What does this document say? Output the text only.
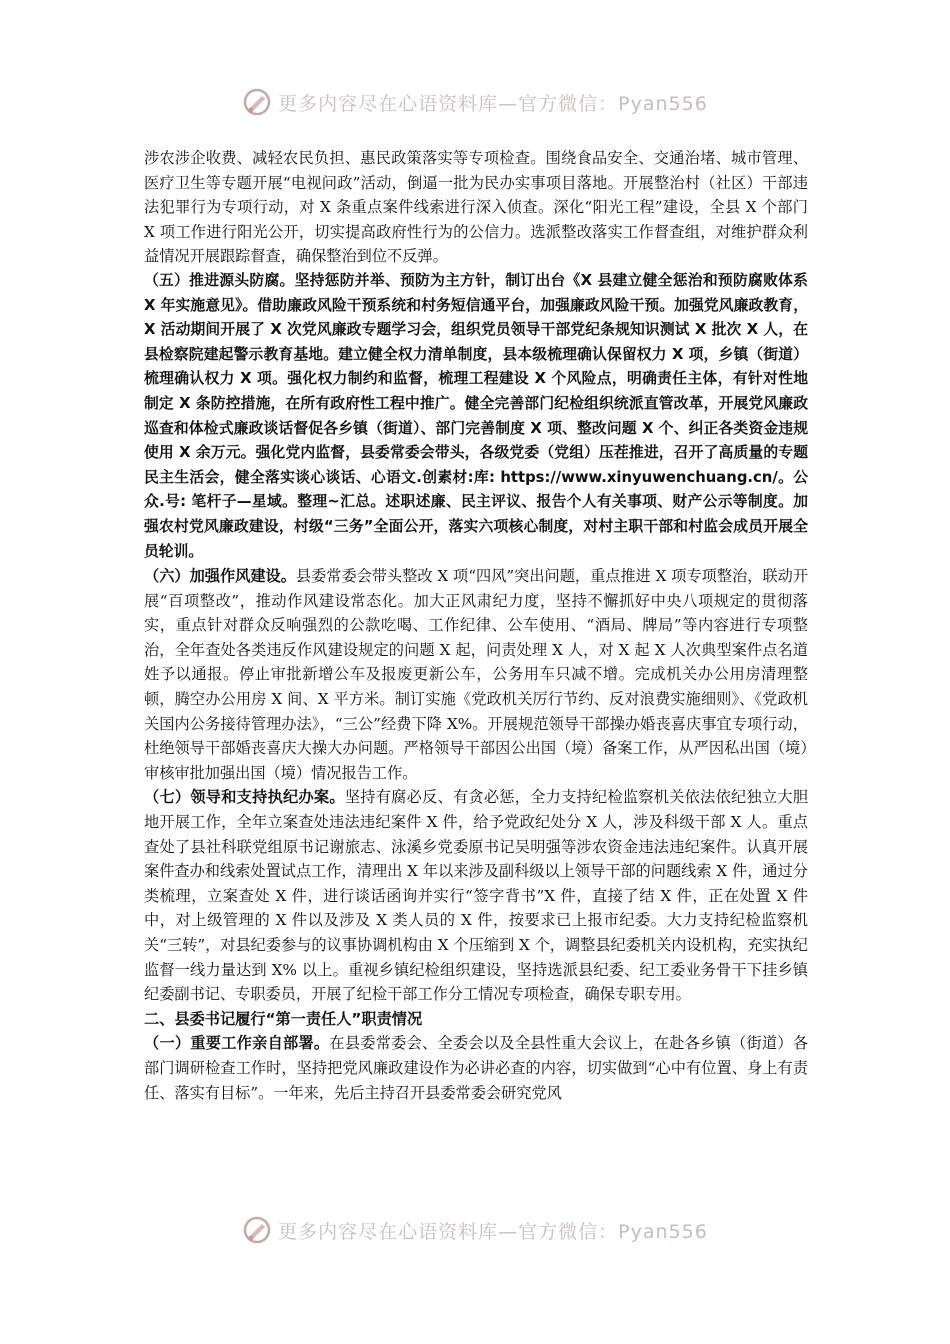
更多内容尽在心语资料库—官方微信：Pyan556

涉农涉企收费、减轻农民负担、惠民政策落实等专项检查。围绕食品安全、交通治堵、城市管理、医疗卫生等专题开展“电视问政”活动，倒逼一批为民办实事项目落地。开展整治村（社区）干部违法犯罪行为专项行动，对 X 条重点案件线索进行深入侦查。深化“阳光工程”建设，全县 X 个部门 X 项工作进行阳光公开，切实提高政府性行为的公信力。选派整改落实工作督查组，对维护群众利益情况开展跟踪督查，确保整治到位不反弹。

（五）推进源头防腐。坚持惩防并举、预防为主方针，制订出台《X 县建立健全惩治和预防腐败体系 X 年实施意见》。借助廉政风险干预系统和村务短信通平台，加强廉政风险干预。加强党风廉政教育，X 活动期间开展了 X 次党风廉政专题学习会，组织党员领导干部党纪条规知识测试 X 批次 X 人，在县检察院建起警示教育基地。建立健全权力清单制度，县本级梳理确认保留权力 X 项，乡镇（街道）梳理确认权力 X 项。强化权力制约和监督，梳理工程建设 X 个风险点，明确责任主体，有针对性地制定 X 条防控措施，在所有政府性工程中推广。健全完善部门纪检组织统派直管改革，开展党风廉政巡查和体检式廉政谈话督促各乡镇（街道）、部门完善制度 X 项、整改问题 X 个、纠正各类资金违规使用 X 余万元。强化党内监督，县委常委会带头，各级党委（党组）压茬推进，召开了高质量的专题民主生活会，健全落实谈心谈话、心语文.创素材:库: https://www.xinyuwenchuang.cn/。公众.号: 笔杆子—星域。整理~汇总。述职述廉、民主评议、报告个人有关事项、财产公示等制度。加强农村党风廉政建设，村级“三务”全面公开，落实六项核心制度，对村主职干部和村监会成员开展全员轮训。

（六）加强作风建设。县委常委会带头整改 X 项“四风”突出问题，重点推进 X 项专项整治，联动开展“百项整改”，推动作风建设常态化。加大正风肃纪力度，坚持不懈抓好中央八项规定的贯彻落实，重点针对群众反响强烈的公款吃喝、工作纪律、公车使用、“酒局、牌局”等内容进行专项整治，全年查处各类违反作风建设规定的问题 X 起，问责处理 X 人，对 X 起 X 人次典型案件点名道姓予以通报。停止审批新增公车及报废更新公车，公务用车只减不增。完成机关办公用房清理整顿，腾空办公用房 X 间、X 平方米。制订实施《党政机关厉行节约、反对浪费实施细则》、《党政机关国内公务接待管理办法》，“三公”经费下降 X%。开展规范领导干部操办婚丧喜庆事宜专项行动，杜绝领导干部婚丧喜庆大操大办问题。严格领导干部因公出国（境）备案工作，从严因私出国（境）审核审批加强出国（境）情况报告工作。

（七）领导和支持执纪办案。坚持有腐必反、有贪必惩，全力支持纪检监察机关依法依纪独立大胆地开展工作，全年立案查处违法违纪案件 X 件，给予党政纪处分 X 人，涉及科级干部 X 人。重点查处了县社科联党组原书记谢旅志、泳溪乡党委原书记吴明强等涉农资金违法违纪案件。认真开展案件查办和线索处置试点工作，清理出 X 年以来涉及副科级以上领导干部的问题线索 X 件，通过分类梳理，立案查处 X 件，进行谈话函询并实行“签字背书”X 件，直接了结 X 件，正在处置 X 件中，对上级管理的 X 件以及涉及 X 类人员的 X 件，按要求已上报市纪委。大力支持纪检监察机关“三转”，对县纪委参与的议事协调机构由 X 个压缩到 X 个，调整县纪委机关内设机构，充实执纪监督一线力量达到 X% 以上。重视乡镇纪检组织建设，坚持选派县纪委、纪工委业务骨干下挂乡镇纪委副书记、专职委员，开展了纪检干部工作分工情况专项检查，确保专职专用。

二、县委书记履行“第一责任人”职责情况

（一）重要工作亲自部署。在县委常委会、全委会以及全县性重大会议上，在赴各乡镇（街道）各部门调研检查工作时，坚持把党风廉政建设作为必讲必查的内容，切实做到“心中有位置、身上有责任、落实有目标”。一年来，先后主持召开县委常委会研究党风

更多内容尽在心语资料库—官方微信：Pyan556
